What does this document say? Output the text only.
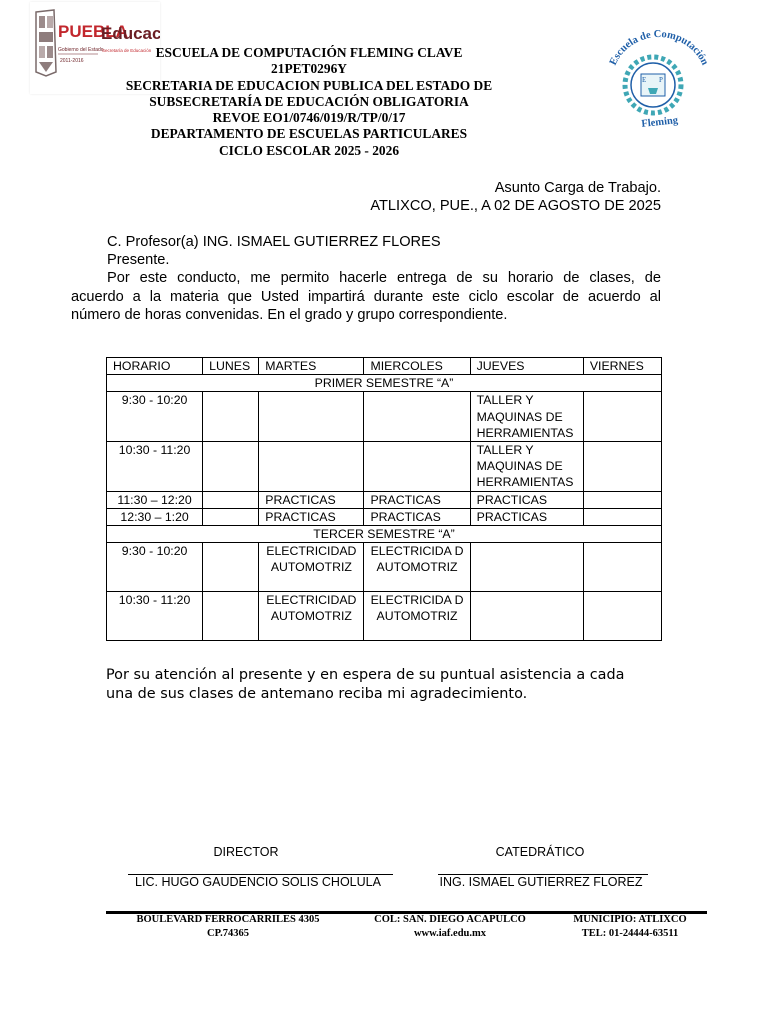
PUEBLA
Educac
Gobierno del Estado
Secretaría de Educación
2011-2016	Escuela de Computación
E P
Fleming
ESCUELA DE COMPUTACIÓN FLEMING CLAVE
21PET0296Y
SECRETARIA DE EDUCACION PUBLICA DEL ESTADO DE
SUBSECRETARÍA DE EDUCACIÓN OBLIGATORIA
REVOE EO1/0746/019/R/TP/0/17
DEPARTAMENTO DE ESCUELAS PARTICULARES
CICLO ESCOLAR 2025 - 2026
Asunto Carga de Trabajo.
ATLIXCO, PUE., A 02 DE AGOSTO DE 2025

C. Profesor(a) ING. ISMAEL GUTIERREZ FLORES

Presente.

Por este conducto, me permito hacerle entrega de su horario de clases, de

acuerdo a la materia que Usted impartirá durante este ciclo escolar de acuerdo al

número de horas convenidas. En el grado y grupo correspondiente.

HORARIO	LUNES	MARTES	MIERCOLES	JUEVES	VIERNES
PRIMER SEMESTRE “A”					
9:30 - 10:20				TALLER Y MAQUINAS DE HERRAMIENTAS	
10:30 - 11:20				TALLER Y MAQUINAS DE HERRAMIENTAS	
11:30 – 12:20		PRACTICAS	PRACTICAS	PRACTICAS	
12:30 – 1:20		PRACTICAS	PRACTICAS	PRACTICAS	
TERCER SEMESTRE “A”					
9:30 - 10:20		ELECTRICIDAD AUTOMOTRIZ	ELECTRICIDA D AUTOMOTRIZ		
10:30 - 11:20		ELECTRICIDAD AUTOMOTRIZ	ELECTRICIDA D AUTOMOTRIZ		

Por su atención al presente y en espera de su puntual asistencia a cada

una de sus clases de antemano reciba mi agradecimiento.

DIRECTOR
LIC. HUGO GAUDENCIO SOLIS CHOLULA
CATEDRÁTICO
ING. ISMAEL GUTIERREZ FLOREZ
BOULEVARD FERROCARRILES 4305
CP.74365
COL: SAN. DIEGO ACAPULCO
www.iaf.edu.mx
MUNICIPIO: ATLIXCO
TEL: 01-24444-63511
